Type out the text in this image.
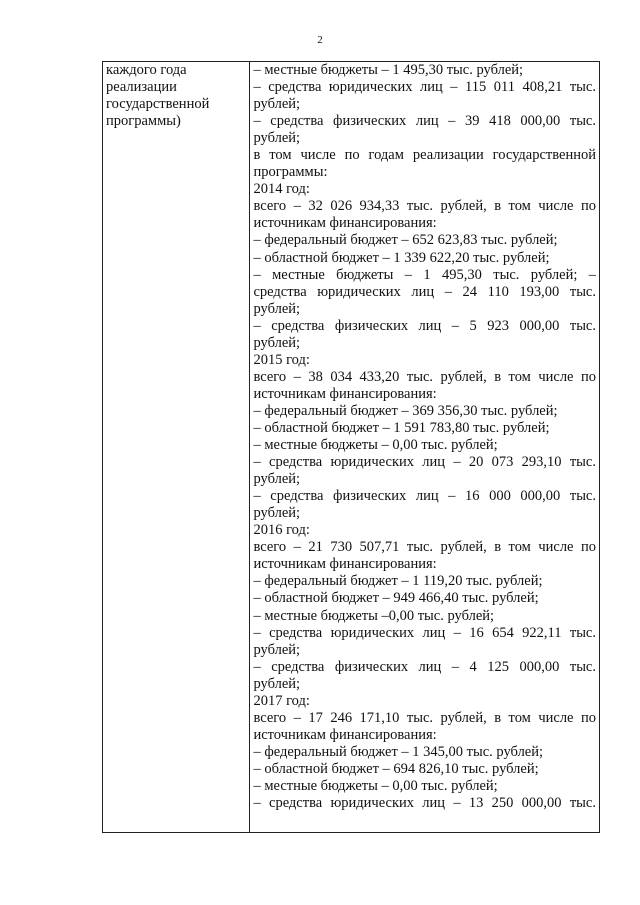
2
каждого года реализации государственной программы)

– местные бюджеты – 1 495,30 тыс. рублей;
– средства юридических лиц – 115 011 408,21 тыс.
рублей;
– средства физических лиц – 39 418 000,00 тыс.
рублей;
в том числе по годам реализации государственной
программы:
2014 год:
всего – 32 026 934,33 тыс. рублей, в том числе по
источникам финансирования:
– федеральный бюджет – 652 623,83 тыс. рублей;
– областной бюджет – 1 339 622,20 тыс. рублей;
– местные бюджеты – 1 495,30 тыс. рублей; –
средства юридических лиц – 24 110 193,00 тыс.
рублей;
– средства физических лиц – 5 923 000,00 тыс.
рублей;
2015 год:
всего – 38 034 433,20 тыс. рублей, в том числе по
источникам финансирования:
– федеральный бюджет – 369 356,30 тыс. рублей;
– областной бюджет – 1 591 783,80 тыс. рублей;
– местные бюджеты – 0,00 тыс. рублей;
– средства юридических лиц – 20 073 293,10 тыс.
рублей;
– средства физических лиц – 16 000 000,00 тыс.
рублей;
2016 год:
всего – 21 730 507,71 тыс. рублей, в том числе по
источникам финансирования:
– федеральный бюджет – 1 119,20 тыс. рублей;
– областной бюджет – 949 466,40 тыс. рублей;
– местные бюджеты –0,00 тыс. рублей;
– средства юридических лиц – 16 654 922,11 тыс.
рублей;
– средства физических лиц – 4 125 000,00 тыс.
рублей;
2017 год:
всего – 17 246 171,10 тыс. рублей, в том числе по
источникам финансирования:
– федеральный бюджет – 1 345,00 тыс. рублей;
– областной бюджет – 694 826,10 тыс. рублей;
– местные бюджеты – 0,00 тыс. рублей;
– средства юридических лиц – 13 250 000,00 тыс.
